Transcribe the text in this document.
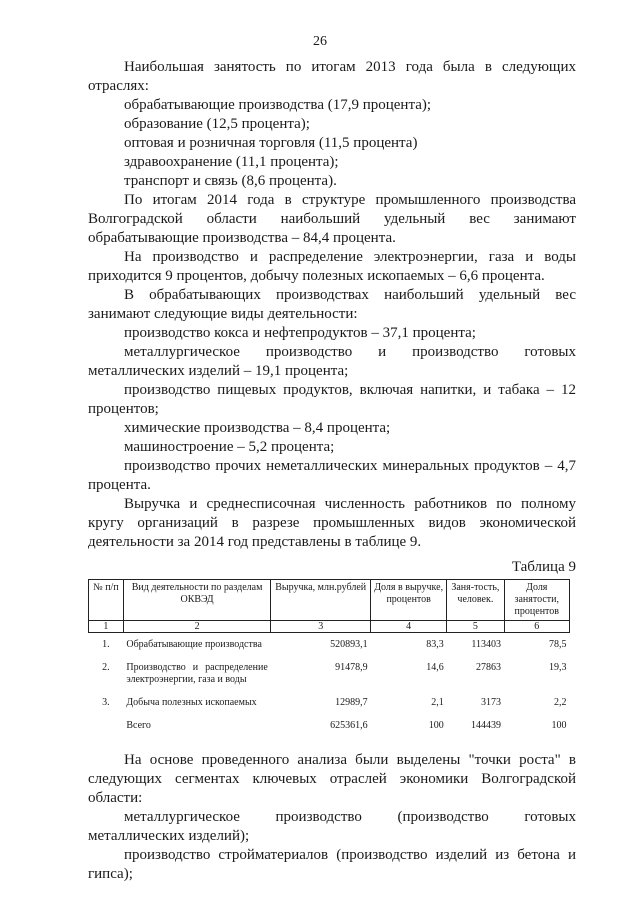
26

Наибольшая занятость по итогам 2013 года была в следующих отраслях:

обрабатывающие производства (17,9 процента);

образование (12,5 процента);

оптовая и розничная торговля (11,5 процента)

здравоохранение (11,1 процента);

транспорт и связь (8,6 процента).

По итогам 2014 года в структуре промышленного производства Волгоградской области наибольший удельный вес занимают обрабатывающие производства – 84,4 процента.

На производство и распределение электроэнергии, газа и воды приходится 9 процентов, добычу полезных ископаемых – 6,6 процента.

В обрабатывающих производствах наибольший удельный вес занимают следующие виды деятельности:

производство кокса и нефтепродуктов – 37,1 процента;

металлургическое производство и производство готовых металлических изделий – 19,1 процента;

производство пищевых продуктов, включая напитки, и табака – 12 процентов;

химические производства – 8,4 процента;

машиностроение – 5,2 процента;

производство прочих неметаллических минеральных продуктов – 4,7 процента.

Выручка и среднесписочная численность работников по полному кругу организаций в разрезе промышленных видов экономической деятельности за 2014 год представлены в таблице 9.

Таблица 9

№ п/п	Вид деятельности по разделам ОКВЭД	Выручка, млн.рублей	Доля в выручке, процентов	Заня-тость, человек.	Доля занятости, процентов
1	2	3	4	5	6
1.	Обрабатывающие производства	520893,1	83,3	113403	78,5
2.	Производство и распределение электроэнергии, газа и воды	91478,9	14,6	27863	19,3
3.	Добыча полезных ископаемых	12989,7	2,1	3173	2,2
	Всего	625361,6	100	144439	100

На основе проведенного анализа были выделены "точки роста" в следующих сегментах ключевых отраслей экономики Волгоградской области:

металлургическое производство (производство готовых металлических изделий);

производство стройматериалов (производство изделий из бетона и гипса);
